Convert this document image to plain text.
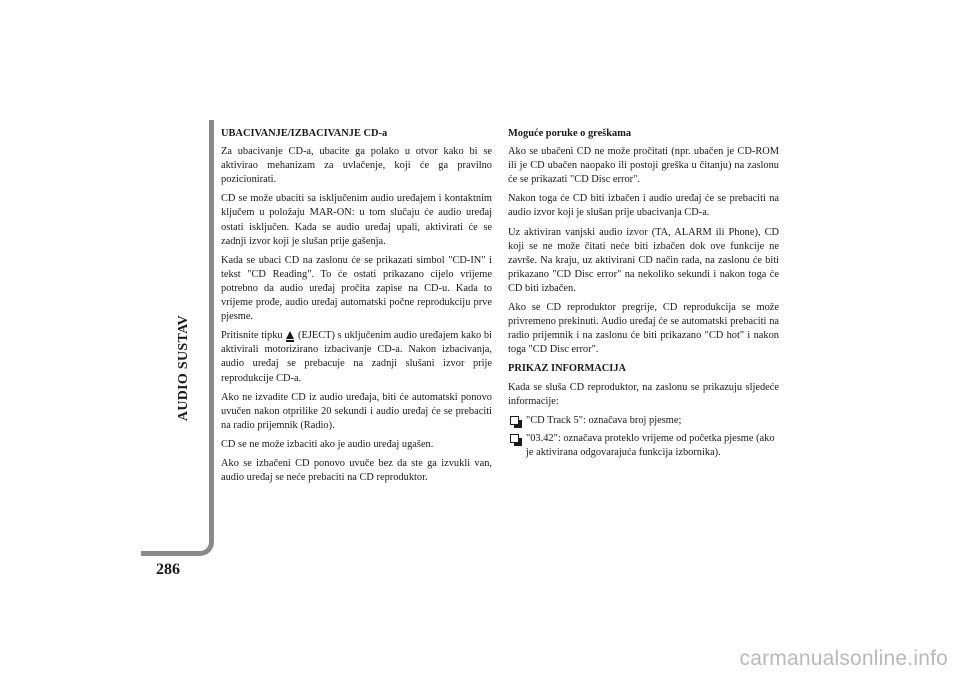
AUDIO SUSTAV
286
UBACIVANJE/IZBACIVANJE CD-a

Za ubacivanje CD-a, ubacite ga polako u otvor kako bi se aktivirao mehanizam za uvlačenje, koji će ga pravilno pozicionirati.

CD se može ubaciti sa isključenim audio uređajem i kontaktnim ključem u položaju MAR-ON: u tom slučaju će audio uređaj ostati isključen. Kada se audio uređaj upali, aktivirati će se zadnji izvor koji je slušan prije gašenja.

Kada se ubaci CD na zaslonu će se prikazati simbol "CD-IN" i tekst "CD Reading". To će ostati prikazano cijelo vrijeme potrebno da audio uređaj pročita zapise na CD-u. Kada to vrijeme prođe, audio uređaj automatski počne reprodukciju prve pjesme.

Pritisnite tipku (EJECT) s uključenim audio uređajem kako bi aktivirali motorizirano izbacivanje CD-a. Nakon izbacivanja, audio uređaj se prebacuje na zadnji slušani izvor prije reprodukcije CD-a.

Ako ne izvadite CD iz audio uređaja, biti će automatski ponovo uvučen nakon otprilike 20 sekundi i audio uređaj će se prebaciti na radio prijemnik (Radio).

CD se ne može izbaciti ako je audio uređaj ugašen.

Ako se izbačeni CD ponovo uvuče bez da ste ga izvukli van, audio uređaj se neće prebaciti na CD reproduktor.

Moguće poruke o greškama

Ako se ubačeni CD ne može pročitati (npr. ubačen je CD-ROM ili je CD ubačen naopako ili postoji greška u čitanju) na zaslonu će se prikazati "CD Disc error".

Nakon toga će CD biti izbačen i audio uređaj će se prebaciti na audio izvor koji je slušan prije ubacivanja CD-a.

Uz aktiviran vanjski audio izvor (TA, ALARM ili Phone), CD koji se ne može čitati neće biti izbačen dok ove funkcije ne završe. Na kraju, uz aktivirani CD način rada, na zaslonu će biti prikazano "CD Disc error" na nekoliko sekundi i nakon toga će CD biti izbačen.

Ako se CD reproduktor pregrije, CD reprodukcija se može privremeno prekinuti. Audio uređaj će se automatski prebaciti na radio prijemnik i na zaslonu će biti prikazano "CD hot" i nakon toga "CD Disc error".

PRIKAZ INFORMACIJA

Kada se sluša CD reproduktor, na zaslonu se prikazuju sljedeće informacije:

"CD Track 5": označava broj pjesme;
"03.42": označava proteklo vrijeme od početka pjesme (ako je aktivirana odgovarajuća funkcija izbornika).
carmanualsonline.info
